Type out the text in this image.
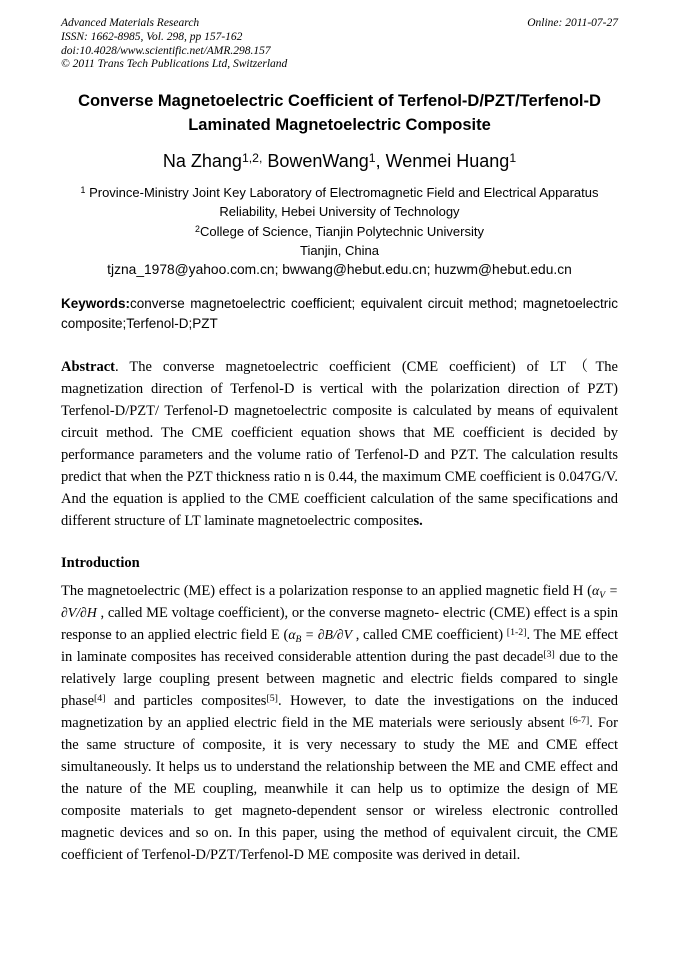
Advanced Materials Research	Online: 2011-07-27
ISSN: 1662-8985, Vol. 298, pp 157-162
doi:10.4028/www.scientific.net/AMR.298.157
© 2011 Trans Tech Publications Ltd, Switzerland
Converse Magnetoelectric Coefficient of Terfenol-D/PZT/Terfenol-D
Laminated Magnetoelectric Composite
Na Zhang$^{1,2,}$ BowenWang$^1$, Wenmei Huang$^1$
$^1$ Province-Ministry Joint Key Laboratory of Electromagnetic Field and Electrical Apparatus
Reliability, Hebei University of Technology
$^2$College of Science, Tianjin Polytechnic University
Tianjin, China
tjzna_1978@yahoo.com.cn; bwwang@hebut.edu.cn; huzwm@hebut.edu.cn
Keywords:converse magnetoelectric coefficient; equivalent circuit method; magnetoelectric composite;Terfenol-D;PZT
Abstract. The converse magnetoelectric coefficient (CME coefficient) of LT（The magnetization direction of Terfenol-D is vertical with the polarization direction of PZT) Terfenol-D/PZT/ Terfenol-D magnetoelectric composite is calculated by means of equivalent circuit method. The CME coefficient equation shows that ME coefficient is decided by performance parameters and the volume ratio of Terfenol-D and PZT. The calculation results predict that when the PZT thickness ratio n is 0.44, the maximum CME coefficient is 0.047G/V. And the equation is applied to the CME coefficient calculation of the same specifications and different structure of LT laminate magnetoelectric composites.
Introduction
The magnetoelectric (ME) effect is a polarization response to an applied magnetic field H (αV = ∂V/∂H , called ME voltage coefficient), or the converse magneto- electric (CME) effect is a spin response to an applied electric field E (αB = ∂B/∂V , called CME coefficient) [1-2]. The ME effect in laminate composites has received considerable attention during the past decade[3] due to the relatively large coupling present between magnetic and electric fields compared to single phase[4] and particles composites[5]. However, to date the investigations on the induced magnetization by an applied electric field in the ME materials were seriously absent [6-7]. For the same structure of composite, it is very necessary to study the ME and CME effect simultaneously. It helps us to understand the relationship between the ME and CME effect and the nature of the ME coupling, meanwhile it can help us to optimize the design of ME composite materials to get magneto-dependent sensor or wireless electronic controlled magnetic devices and so on. In this paper, using the method of equivalent circuit, the CME coefficient of Terfenol-D/PZT/Terfenol-D ME composite was derived in detail.
